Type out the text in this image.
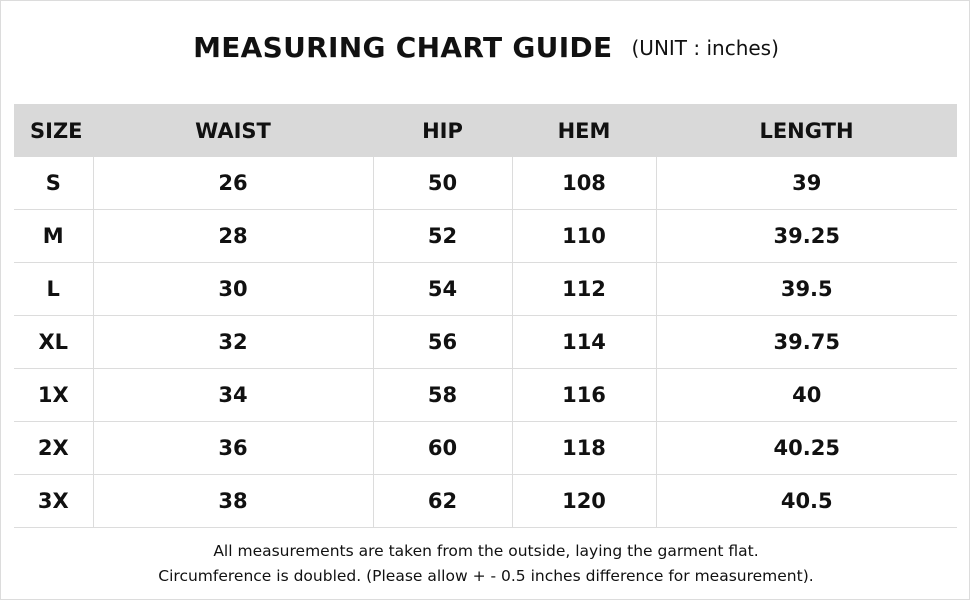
MEASURING CHART GUIDE (UNIT : inches)
SIZE	WAIST	HIP	HEM	LENGTH
S	26	50	108	39
M	28	52	110	39.25
L	30	54	112	39.5
XL	32	56	114	39.75
1X	34	58	116	40
2X	36	60	118	40.25
3X	38	62	120	40.5
All measurements are taken from the outside, laying the garment flat.
Circumference is doubled. (Please allow + - 0.5 inches difference for measurement).
